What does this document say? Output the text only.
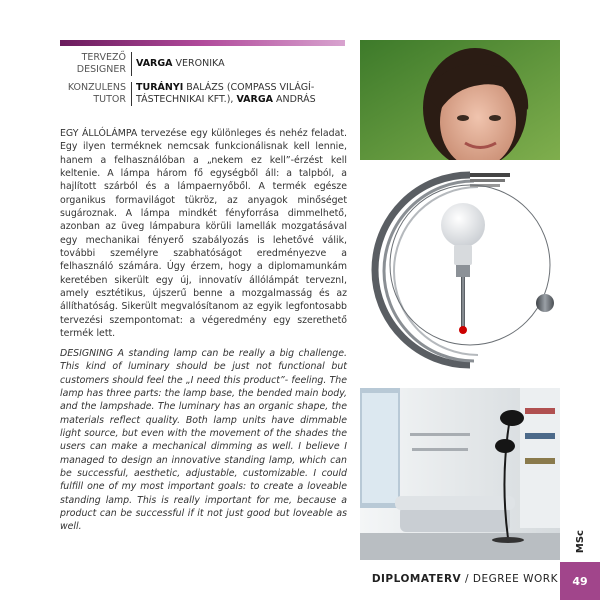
TERVEZŐ
DESIGNER
VARGA VERONIKA
KONZULENS
TUTOR
TURÁNYI BALÁZS (COMPASS VILÁGÍ-
TÁSTECHNIKAI KFT.), VARGA ANDRÁS

EGY ÁLLÓLÁMPA tervezése egy különleges és nehéz feladat. Egy ilyen terméknek nemcsak funkcionálisnak kell lennie, hanem a felhasználóban a „nekem ez kell”-érzést kell keltenie. A lámpa három fő egységből áll: a talpból, a hajlított szárból és a lámpaernyőből. A termék egésze organikus formavilágot tükröz, az anyagok minőséget sugároznak. A lámpa mindkét fényforrása dimmelhető, azonban az üveg lámpabura körüli lamellák mozgatásával egy mechanikai fényerő szabályozás is lehetővé válik, további személyre szabhatóságot eredményezve a felhasználó számára. Úgy érzem, hogy a diplomamunkám keretében sikerült egy új, innovatív állólámpát terveznI, amely esztétikus, újszerű benne a mozgalmasság és az állíthatóság. Sikerült megvalósítanom az egyik legfontosabb tervezési szempontomat: a végeredmény egy szerethető termék lett.

DESIGNING A standing lamp can be really a big challenge. This kind of luminary should be just not functional but customers should feel the „I need this product”- feeling. The lamp has three parts: the lamp base, the bended main body, and the lampshade. The luminary has an organic shape, the materials reflect quality. Both lamp units have dimmable light source, but even with the movement of the shades the users can make a mechanical dimming as well. I believe I managed to design an innovative standing lamp, which can be successful, aesthetic, adjustable, customizable. I could fulfill one of my most important goals: to create a loveable standing lamp. This is really important for me, because a product can be successful if it not just good but loveable as well.

MSc
DIPLOMATERV / DEGREE WORK 49
